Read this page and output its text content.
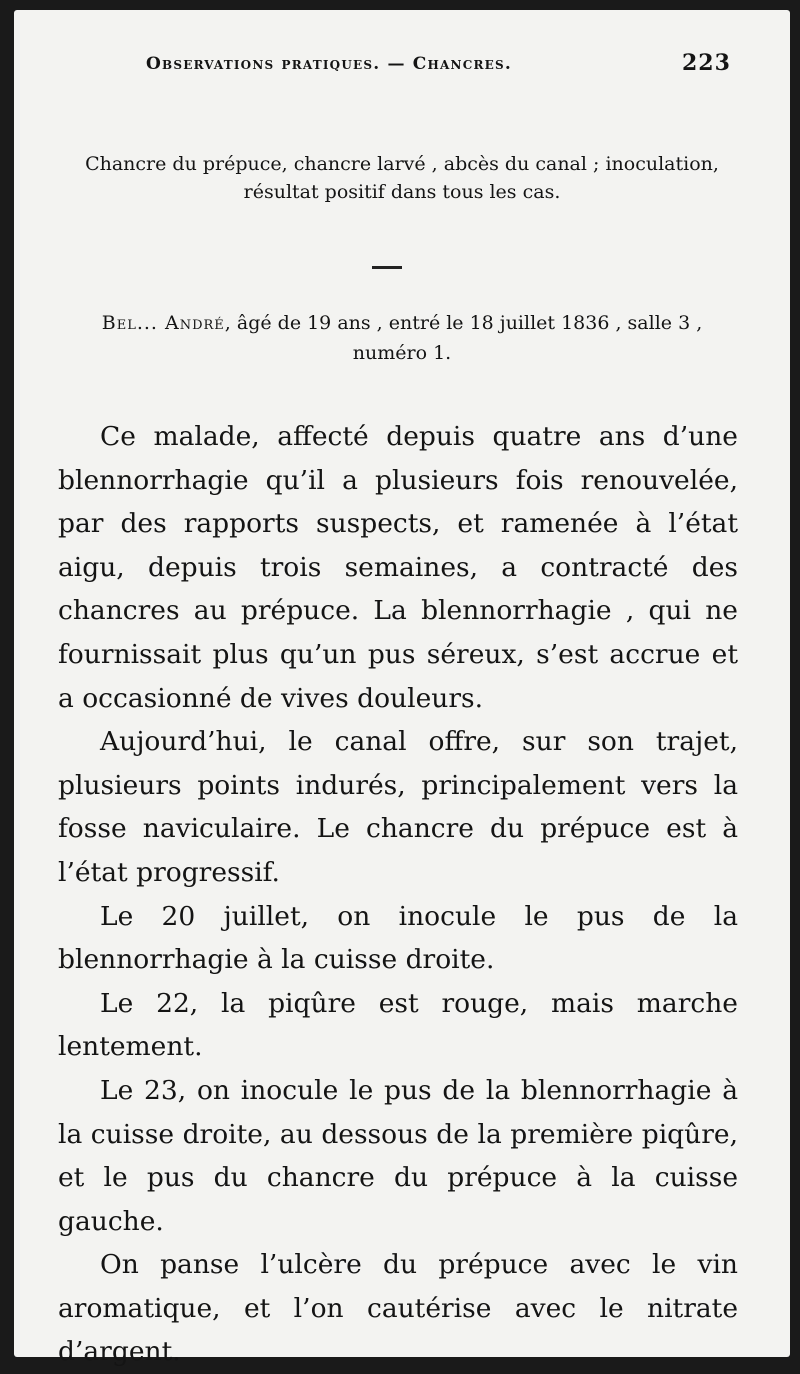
Observations pratiques. — Chancres.	223
Chancre du prépuce, chancre larvé , abcès du canal ; inoculation,
résultat positif dans tous les cas.
Bel... André, âgé de 19 ans , entré le 18 juillet 1836 , salle 3 ,
numéro 1.

Ce malade, affecté depuis quatre ans d’une blennorrhagie qu’il a plusieurs fois renouvelée, par des rapports suspects, et ramenée à l’état aigu, depuis trois semaines, a contracté des chancres au prépuce. La blennorrhagie , qui ne fournissait plus qu’un pus séreux, s’est accrue et a occasionné de vives douleurs.

Aujourd’hui, le canal offre, sur son trajet, plusieurs points indurés, principalement vers la fosse naviculaire. Le chancre du prépuce est à l’état progressif.

Le 20 juillet, on inocule le pus de la blennorrhagie à la cuisse droite.

Le 22, la piqûre est rouge, mais marche lentement.

Le 23, on inocule le pus de la blennorrhagie à la cuisse droite, au dessous de la première piqûre, et le pus du chancre du prépuce à la cuisse gauche.

On panse l’ulcère du prépuce avec le vin aromatique, et l’on cautérise avec le nitrate d’argent.
